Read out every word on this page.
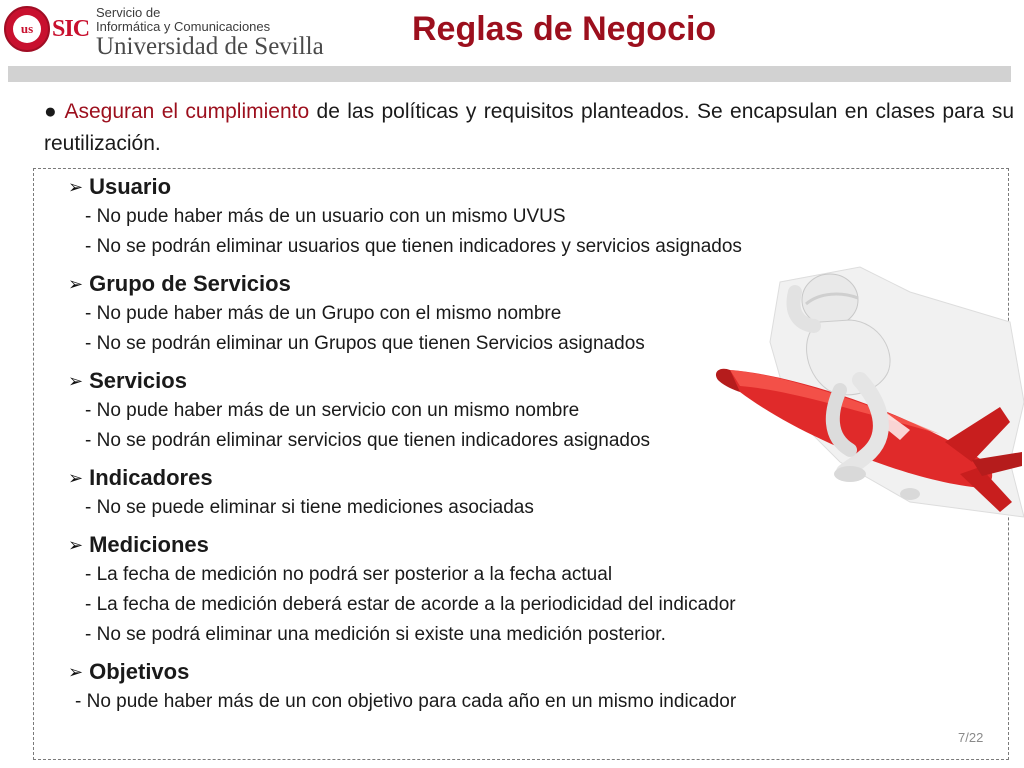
us SIC
Servicio de
Informática y Comunicaciones
Universidad de Sevilla	Reglas de Negocio
● Aseguran el cumplimiento de las políticas y requisitos planteados. Se encapsulan en clases para su reutilización.
➢ Usuario
- No pude haber más de un usuario con un mismo UVUS
- No se podrán eliminar usuarios que tienen indicadores y servicios asignados
➢ Grupo de Servicios
- No pude haber más de un Grupo con el mismo nombre
- No se podrán eliminar un Grupos que tienen Servicios asignados
➢ Servicios
- No pude haber más de un servicio con un mismo nombre
- No se podrán eliminar servicios que tienen indicadores asignados
➢ Indicadores
- No se puede eliminar si tiene mediciones asociadas
➢ Mediciones
- La fecha de medición no podrá ser posterior a la fecha actual
- La fecha de medición deberá estar de acorde a la periodicidad del indicador
- No se podrá eliminar una medición si existe una medición posterior.
➢ Objetivos
- No pude haber más de un con objetivo para cada año en un mismo indicador
7/22
